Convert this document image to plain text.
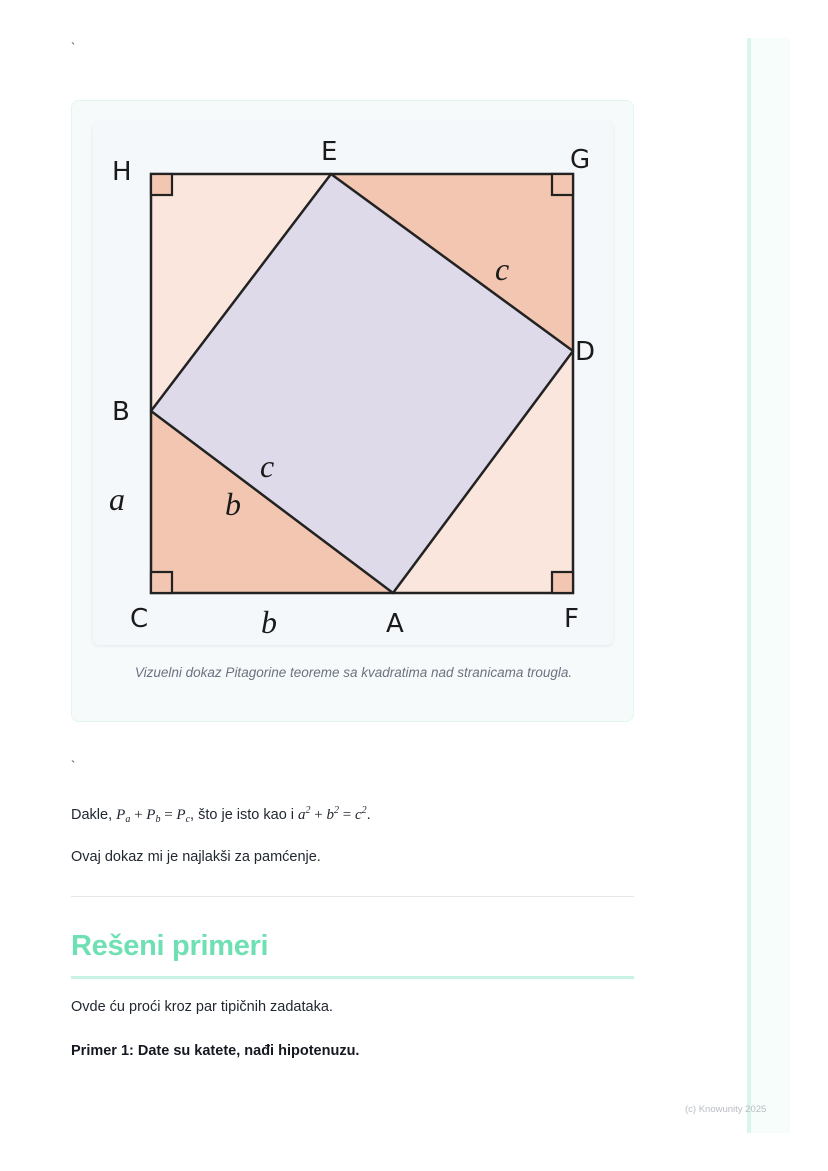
`
H
E	G
D
B
C	A	F
c
c
b
a
b
Vizuelni dokaz Pitagorine teoreme sa kvadratima nad stranicama trougla.
`
Dakle, $P_a + P_b = P_c$, što je isto kao i $a^2 + b^2 = c^2$.
Ovaj dokaz mi je najlakši za pamćenje.
Rešeni primeri
Ovde ću proći kroz par tipičnih zadataka.
Primer 1: Date su katete, nađi hipotenuzu.
(c) Knowunity 2025
